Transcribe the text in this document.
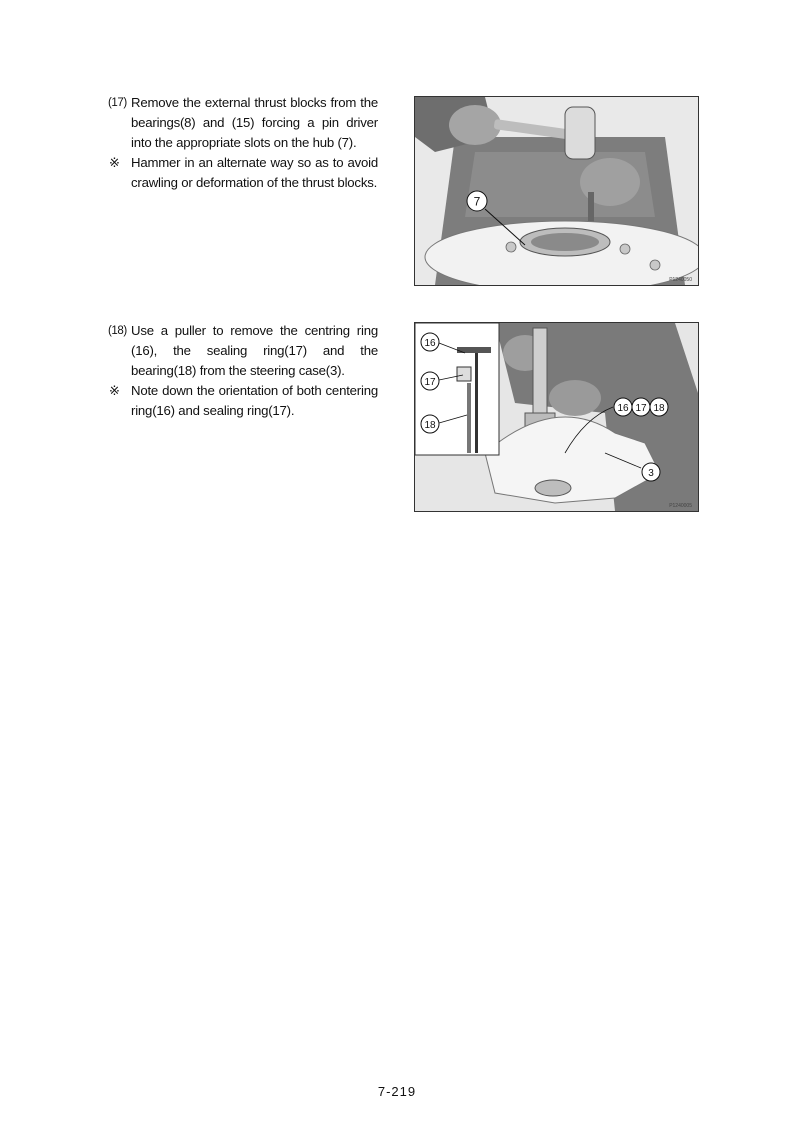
(17) Remove the external thrust blocks from the bearings(8) and (15) forcing a pin driver into the appropriate slots on the hub (7).

※ Hammer in an alternate way so as to avoid crawling or deformation of the thrust blocks.
7
P1240050
(18) Use a puller to remove the centring ring (16), the sealing ring(17) and the bearing(18) from the steering case(3).

※ Note down the orientation of both centering ring(16) and sealing ring(17).
16
17
18
16 17 18
3
P1240005
7-219
